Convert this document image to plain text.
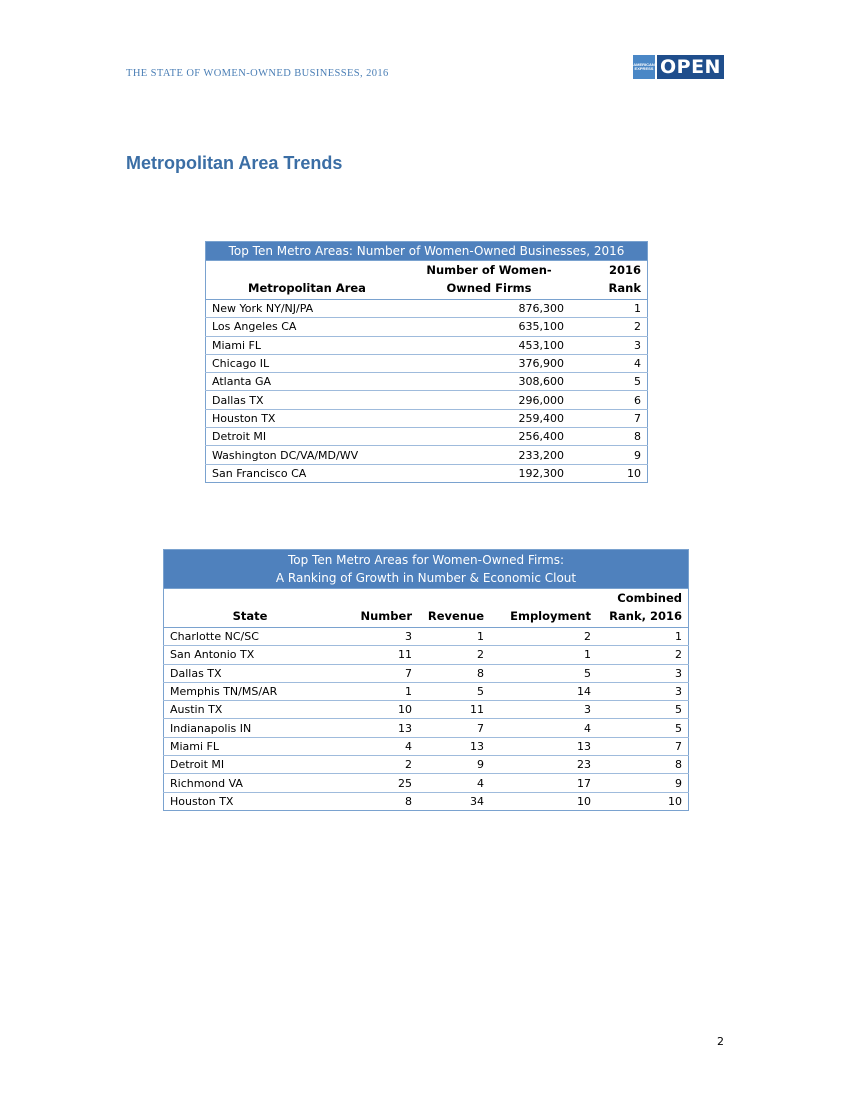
THE STATE OF WOMEN-OWNED BUSINESSES, 2016
AMERICAN
EXPRESS OPEN
Metropolitan Area Trends
Top Ten Metro Areas: Number of Women-Owned Businesses, 2016
Metropolitan Area	Number of Women-
Owned Firms	2016 Rank
New York NY/NJ/PA	876,300	1
Los Angeles CA	635,100	2
Miami FL	453,100	3
Chicago IL	376,900	4
Atlanta GA	308,600	5
Dallas TX	296,000	6
Houston TX	259,400	7
Detroit MI	256,400	8
Washington DC/VA/MD/WV	233,200	9
San Francisco CA	192,300	10
Top Ten Metro Areas for Women-Owned Firms:
A Ranking of Growth in Number & Economic Clout
State	Number	Revenue	Employment	Combined
Rank, 2016
Charlotte NC/SC	3	1	2	1
San Antonio TX	11	2	1	2
Dallas TX	7	8	5	3
Memphis TN/MS/AR	1	5	14	3
Austin TX	10	11	3	5
Indianapolis IN	13	7	4	5
Miami FL	4	13	13	7
Detroit MI	2	9	23	8
Richmond VA	25	4	17	9
Houston TX	8	34	10	10
2
